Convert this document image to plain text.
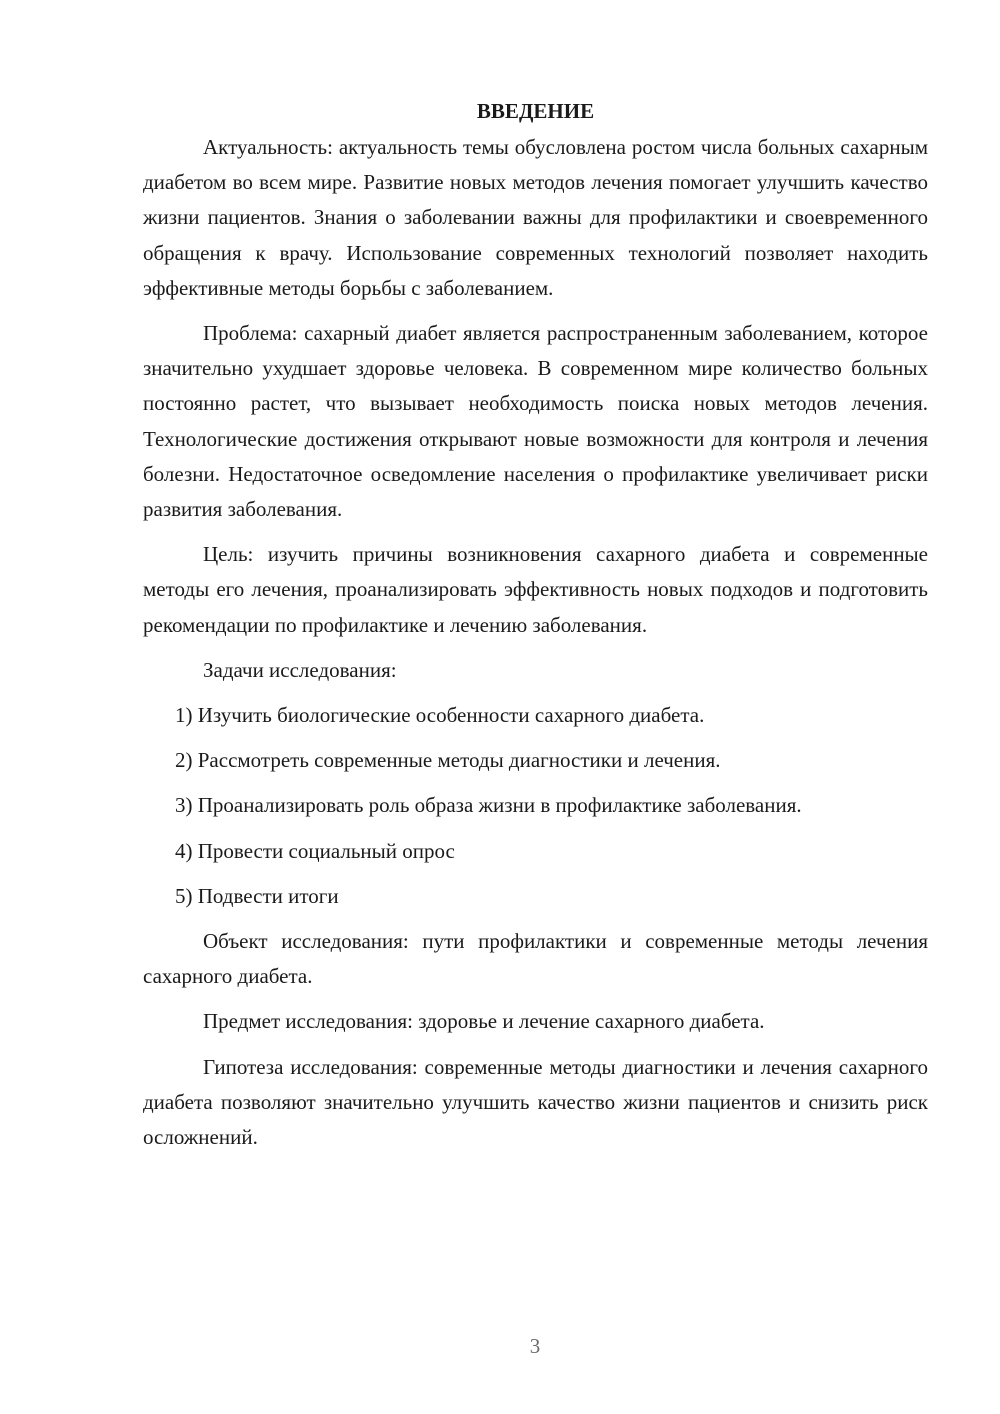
ВВЕДЕНИЕ

Актуальность: актуальность темы обусловлена ростом числа больных сахарным диабетом во всем мире. Развитие новых методов лечения помогает улучшить качество жизни пациентов. Знания о заболевании важны для профилактики и своевременного обращения к врачу. Использование современных технологий позволяет находить эффективные методы борьбы с заболеванием.

Проблема: сахарный диабет является распространенным заболеванием, которое значительно ухудшает здоровье человека. В современном мире количество больных постоянно растет, что вызывает необходимость поиска новых методов лечения. Технологические достижения открывают новые возможности для контроля и лечения болезни. Недостаточное осведомление населения о профилактике увеличивает риски развития заболевания.

Цель: изучить причины возникновения сахарного диабета и современные методы его лечения, проанализировать эффективность новых подходов и подготовить рекомендации по профилактике и лечению заболевания.

Задачи исследования:
1) Изучить биологические особенности сахарного диабета.
2) Рассмотреть современные методы диагностики и лечения.
3) Проанализировать роль образа жизни в профилактике заболевания.
4) Провести социальный опрос
5) Подвести итоги

Объект исследования: пути профилактики и современные методы лечения сахарного диабета.

Предмет исследования: здоровье и лечение сахарного диабета.

Гипотеза исследования: современные методы диагностики и лечения сахарного диабета позволяют значительно улучшить качество жизни пациентов и снизить риск осложнений.

3
